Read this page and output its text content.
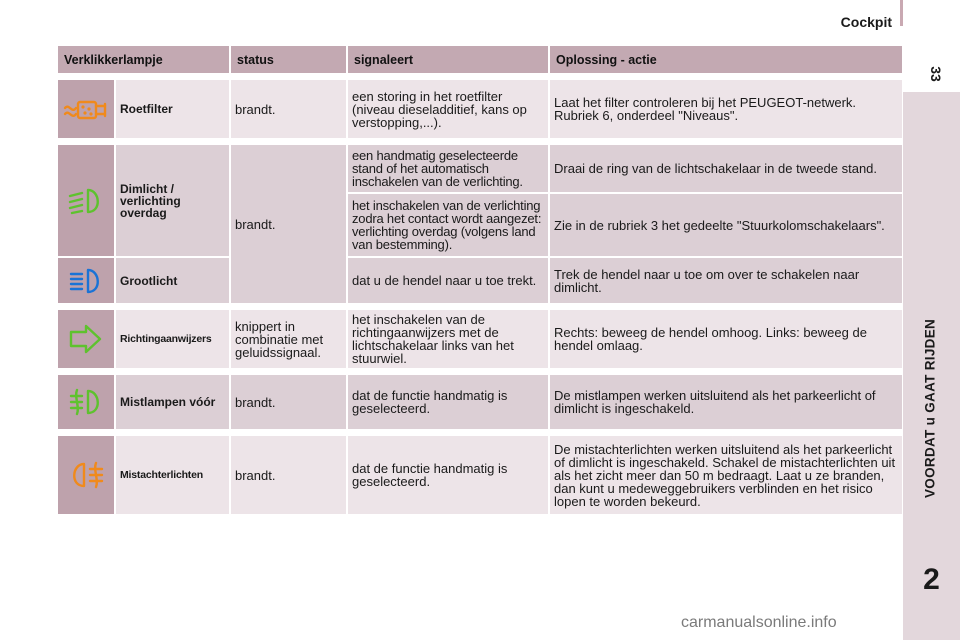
Cockpit
33
VOORDAT u GAAT RIJDEN
2
carmanualsonline.info
Verklikkerlampje		status	signaleert	Oplossing - actie

	Roetfilter	brandt.	een storing in het roetfilter (niveau dieseladditief, kans op verstopping,...).	Laat het filter controleren bij het PEUGEOT-netwerk. Rubriek 6, onderdeel "Niveaus".

	Dimlicht / verlichting overdag	brandt.	een handmatig geselecteerde stand of het automatisch inschakelen van de verlichting.	Draai de ring van de lichtschakelaar in de tweede stand.
			het inschakelen van de verlichting zodra het contact wordt aangezet: verlichting overdag (volgens land van bestemming).	Zie in de rubriek 3 het gedeelte "Stuurkolomschakelaars".
	Grootlicht		dat u de hendel naar u toe trekt.	Trek de hendel naar u toe om over te schakelen naar dimlicht.

	Richtingaanwijzers	knippert in combinatie met geluidssignaal.	het inschakelen van de richtingaanwijzers met de lichtschakelaar links van het stuurwiel.	Rechts: beweeg de hendel omhoog. Links: beweeg de hendel omlaag.

	Mistlampen vóór	brandt.	dat de functie handmatig is geselecteerd.	De mistlampen werken uitsluitend als het parkeerlicht of dimlicht is ingeschakeld.

	Mistachterlichten	brandt.	dat de functie handmatig is geselecteerd.	De mistachterlichten werken uitsluitend als het parkeerlicht of dimlicht is ingeschakeld. Schakel de mistachterlichten uit als het zicht meer dan 50 m bedraagt. Laat u ze branden, dan kunt u medeweggebruikers verblinden en het risico lopen te worden bekeurd.
